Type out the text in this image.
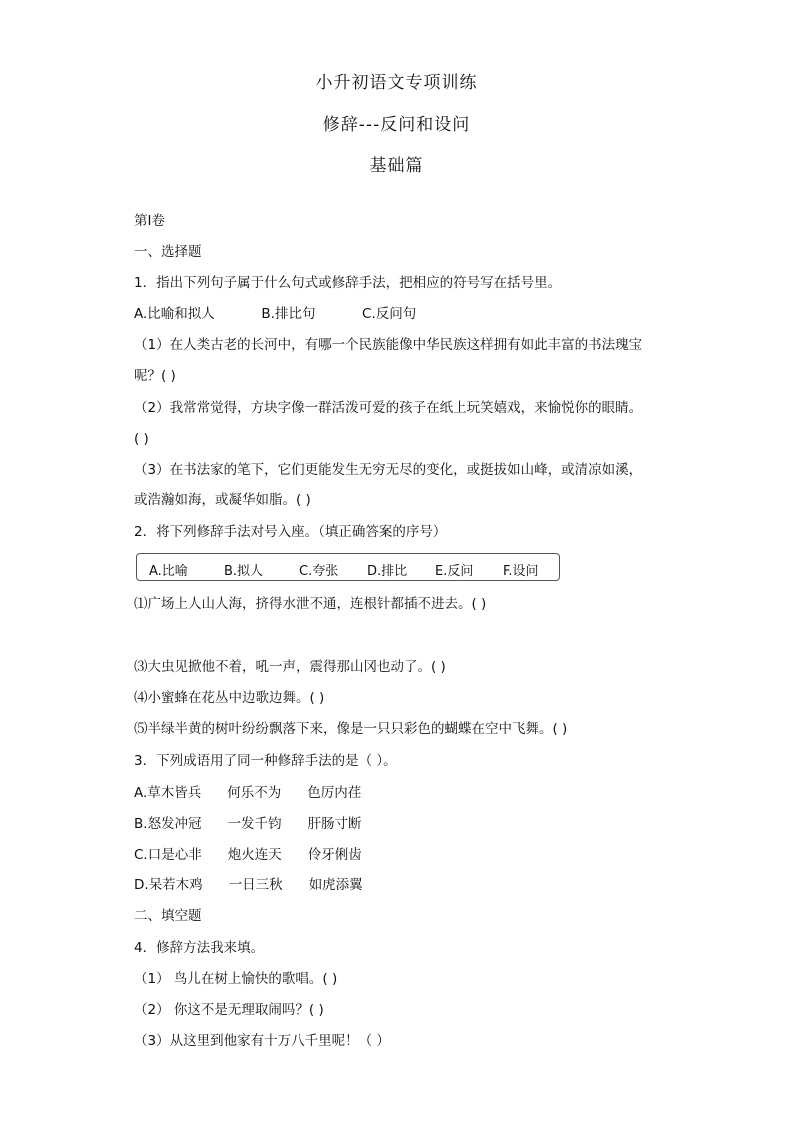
小升初语文专项训练
修辞---反问和设问
基础篇
第I卷
一、选择题
1．指出下列句子属于什么句式或修辞手法，把相应的符号写在括号里。
A.比喻和拟人	B.排比句	C.反问句
（1）在人类古老的长河中，有哪一个民族能像中华民族这样拥有如此丰富的书法瑰宝
呢？( )
（2）我常常觉得，方块字像一群活泼可爱的孩子在纸上玩笑嬉戏，来愉悦你的眼睛。
( )
（3）在书法家的笔下，它们更能发生无穷无尽的变化，或挺拔如山峰，或清凉如溪，
或浩瀚如海，或凝华如脂。( )
2．将下列修辞手法对号入座。（填正确答案的序号）
A.比喻	B.拟人	C.夸张 D.排比 E.反问 F.设问
⑴广场上人山人海，挤得水泄不通，连根针都插不进去。( )
⑶大虫见掀他不着，吼一声，震得那山冈也动了。( )
⑷小蜜蜂在花丛中边歌边舞。( )
⑸半绿半黄的树叶纷纷飘落下来，像是一只只彩色的蝴蝶在空中飞舞。( )
3．下列成语用了同一种修辞手法的是（ ）。
A.草木皆兵 何乐不为 色厉内荏
B.怒发冲冠 一发千钧 肝肠寸断
C.口是心非 炮火连天 伶牙俐齿
D.呆若木鸡 一日三秋 如虎添翼
二、填空题
4．修辞方法我来填。
（1） 鸟儿在树上愉快的歌唱。( )
（2） 你这不是无理取闹吗？( )
（3）从这里到他家有十万八千里呢！（ ）
